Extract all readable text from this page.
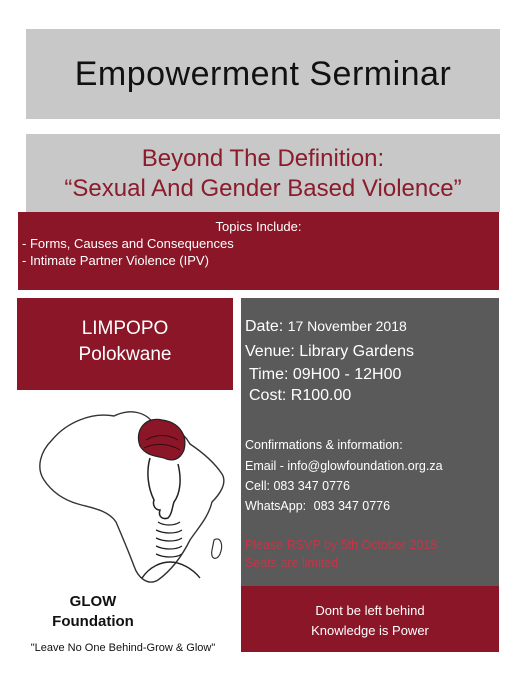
Empowerment Serminar
Beyond The Definition:
“Sexual And Gender Based Violence”
Topics Include:
- Forms, Causes and Consequences
- Intimate Partner Violence (IPV)
LIMPOPO
Polokwane
Date: 17 November 2018
Venue: Library Gardens
Time: 09H00 - 12H00
Cost: R100.00
Confirmations & information:
Email - info@glowfoundation.org.za
Cell: 083 347 0776
WhatsApp: 083 347 0776
Please RSVP by 5th October 2018
Seats are limited
Dont be left behind
Knowledge is Power
GLOW
Foundation
"Leave No One Behind-Grow & Glow"
